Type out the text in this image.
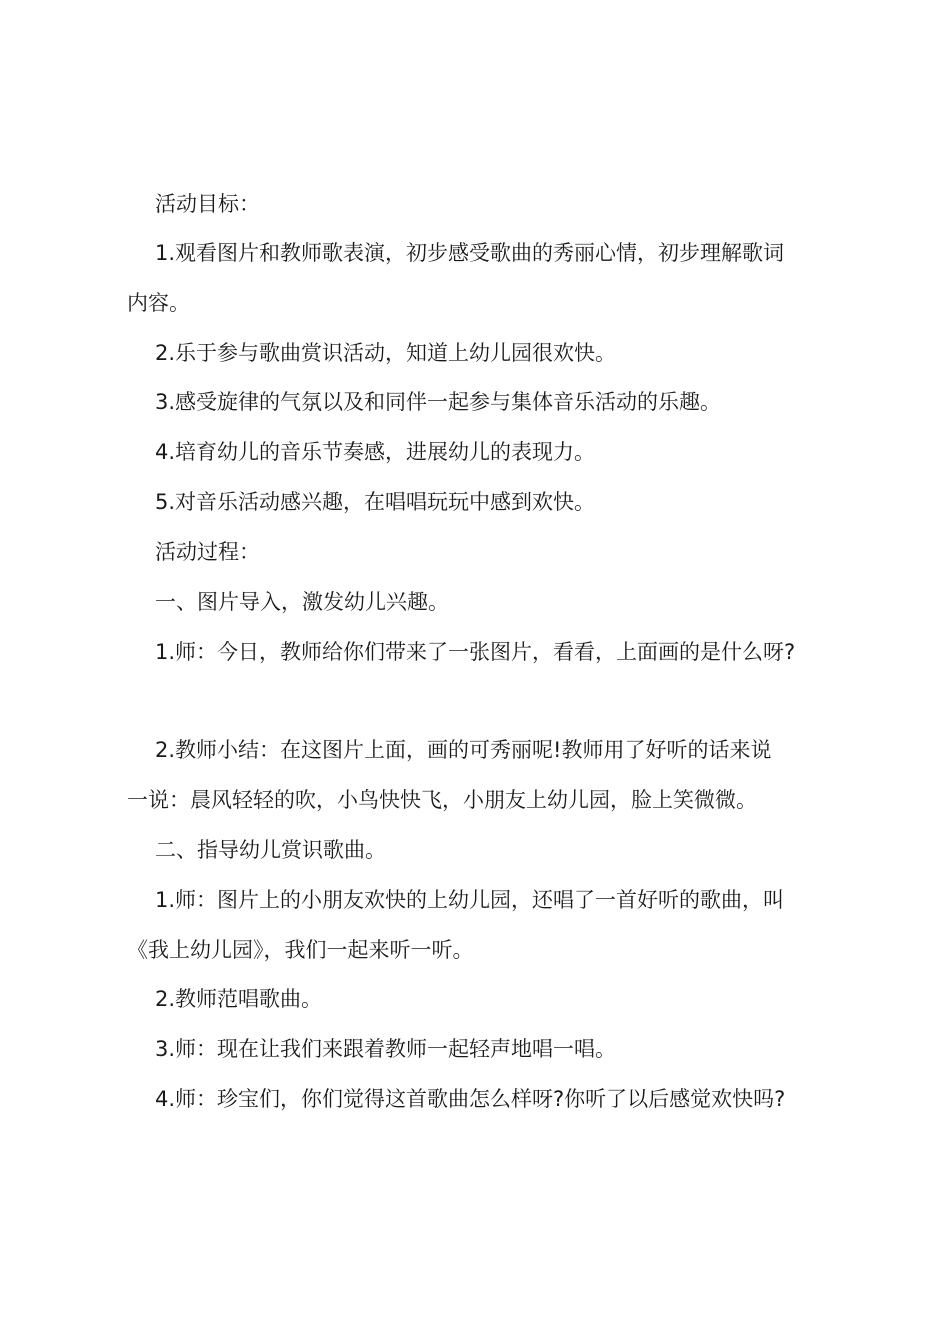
活动目标：
1.观看图片和教师歌表演，初步感受歌曲的秀丽心情，初步理解歌词
内容。
2.乐于参与歌曲赏识活动，知道上幼儿园很欢快。
3.感受旋律的气氛以及和同伴一起参与集体音乐活动的乐趣。
4.培育幼儿的音乐节奏感，进展幼儿的表现力。
5.对音乐活动感兴趣，在唱唱玩玩中感到欢快。
活动过程：
一、图片导入，激发幼儿兴趣。
1.师：今日，教师给你们带来了一张图片，看看，上面画的是什么呀?
2.教师小结：在这图片上面，画的可秀丽呢!教师用了好听的话来说
一说：晨风轻轻的吹，小鸟快快飞，小朋友上幼儿园，脸上笑微微。
二、指导幼儿赏识歌曲。
1.师：图片上的小朋友欢快的上幼儿园，还唱了一首好听的歌曲，叫
《我上幼儿园》，我们一起来听一听。
2.教师范唱歌曲。
3.师：现在让我们来跟着教师一起轻声地唱一唱。
4.师：珍宝们，你们觉得这首歌曲怎么样呀?你听了以后感觉欢快吗?
